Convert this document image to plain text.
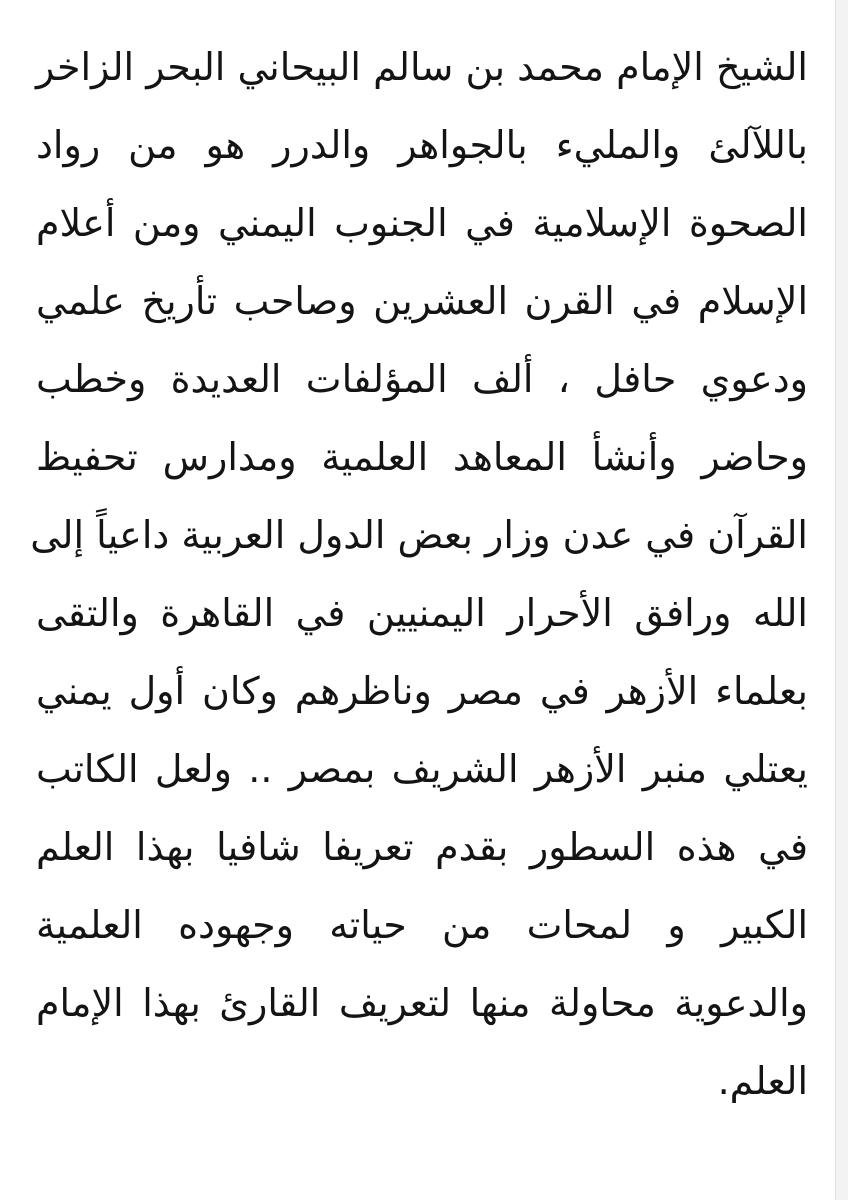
الشيخ الإمام محمد بن سالم البيحاني البحر الزاخر
باللآلئ والمليء بالجواهر والدرر هو من رواد
الصحوة الإسلامية في الجنوب اليمني ومن أعلام
الإسلام في القرن العشرين وصاحب تأريخ علمي
ودعوي حافل ، ألف المؤلفات العديدة وخطب
وحاضر وأنشأ المعاهد العلمية ومدارس تحفيظ
القرآن في عدن وزار بعض الدول العربية داعياً إلى
الله ورافق الأحرار اليمنيين في القاهرة والتقى
بعلماء الأزهر في مصر وناظرهم وكان أول يمني
يعتلي منبر الأزهر الشريف بمصر .. ولعل الكاتب
في هذه السطور بقدم تعريفا شافيا بهذا العلم
الكبير و لمحات من حياته وجهوده العلمية
والدعوية محاولة منها لتعريف القارئ بهذا الإمام
العلم.
